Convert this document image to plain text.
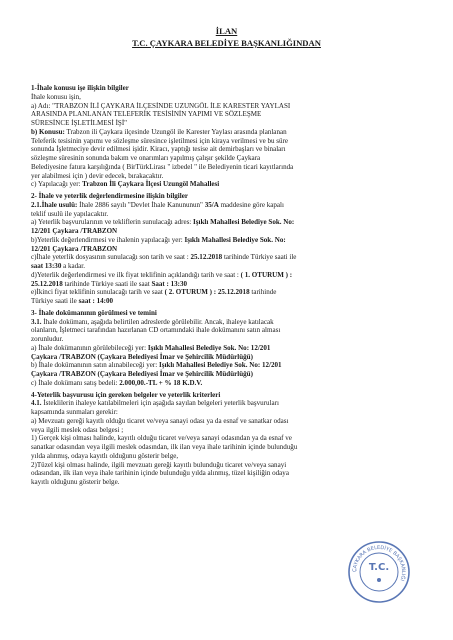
İLAN
T.C. ÇAYKARA BELEDİYE BAŞKANLIĞINDAN

1-İhale konusu işe ilişkin bilgiler

İhale konusu işin,

a) Adı: "TRABZON İLİ ÇAYKARA İLÇESİNDE UZUNGÖL İLE KARESTER YAYLASI

ARASINDA PLANLANAN TELEFERİK TESİSİNİN YAPIMI VE SÖZLEŞME

SÜRESİNCE İŞLETİLMESİ İŞİ"

b) Konusu: Trabzon ili Çaykara ilçesinde Uzungöl ile Karester Yaylası arasında planlanan

Teleferik tesisinin yapımı ve sözleşme süresince işletilmesi için kiraya verilmesi ve bu süre

sonunda İşletmeciye devir edilmesi işidir. Kiracı, yaptığı tesise ait demirbaşları ve binaları

sözleşme süresinin sonunda bakım ve onarımları yapılmış çalışır şekilde Çaykara

Belediyesine fatura karşılığında ( BirTürkLirası " izbedel " ile Belediyenin ticari kayıtlarında

yer alabilmesi için ) devir edecek, bırakacaktır.

c) Yapılacağı yer: Trabzon İli Çaykara İlçesi Uzungöl Mahallesi

2- İhale ve yeterlik değerlendirmesine ilişkin bilgiler

2.1.İhale usulü: İhale 2886 sayılı "Devlet İhale Kanununun" 35/A maddesine göre kapalı

teklif usulü ile yapılacaktır.

a) Yeterlik başvurularının ve tekliflerin sunulacağı adres: Işıklı Mahallesi Belediye Sok. No:

12/201 Çaykara /TRABZON

b)Yeterlik değerlendirmesi ve ihalenin yapılacağı yer: Işıklı Mahallesi Belediye Sok. No:

12/201 Çaykara /TRABZON

c)İhale yeterlik dosyasının sunulacağı son tarih ve saat : 25.12.2018 tarihinde Türkiye saati ile

saat 13:30 a kadar.

d)Yeterlik değerlendirmesi ve ilk fiyat teklifinin açıklandığı tarih ve saat : ( 1. OTURUM ) :

25.12.2018 tarihinde Türkiye saati ile saat Saat : 13:30

e)İkinci fiyat teklifinin sunulacağı tarih ve saat ( 2. OTURUM ) : 25.12.2018 tarihinde

Türkiye saati ile saat : 14:00

3- İhale dokümanının görülmesi ve temini

3.1. İhale dokümanı, aşağıda belirtilen adreslerde görülebilir. Ancak, ihaleye katılacak

olanların, İşletmeci tarafından hazırlanan CD ortamındaki ihale dokümanını satın alması

zorunludur.

a) İhale dokümanının görülebileceği yer: Işıklı Mahallesi Belediye Sok. No: 12/201

Çaykara /TRABZON (Çaykara Belediyesi İmar ve Şehircilik Müdürlüğü)

b) İhale dokümanının satın alınabileceği yer: Işıklı Mahallesi Belediye Sok. No: 12/201

Çaykara /TRABZON (Çaykara Belediyesi İmar ve Şehircilik Müdürlüğü)

c) İhale dokümanı satış bedeli: 2.000,00.-TL + % 18 K.D.V.

4-Yeterlik başvurusu için gereken belgeler ve yeterlik kriterleri

4.1. İsteklilerin ihaleye katılabilmeleri için aşağıda sayılan belgeleri yeterlik başvuruları

kapsamında sunmaları gerekir:

a) Mevzuatı gereği kayıtlı olduğu ticaret ve/veya sanayi odası ya da esnaf ve sanatkar odası

veya ilgili meslek odası belgesi ;

1) Gerçek kişi olması halinde, kayıtlı olduğu ticaret ve/veya sanayi odasından ya da esnaf ve

sanatkar odasından veya ilgili meslek odasından, ilk ilan veya ihale tarihinin içinde bulunduğu

yılda alınmış, odaya kayıtlı olduğunu gösterir belge,

2)Tüzel kişi olması halinde, ilgili mevzuatı gereği kayıtlı bulunduğu ticaret ve/veya sanayi

odasından, ilk ilan veya ihale tarihinin içinde bulunduğu yılda alınmış, tüzel kişiliğin odaya

kayıtlı olduğunu gösterir belge.

ÇAYKARA BELEDİYE BAŞKANLIĞI
T.C.
